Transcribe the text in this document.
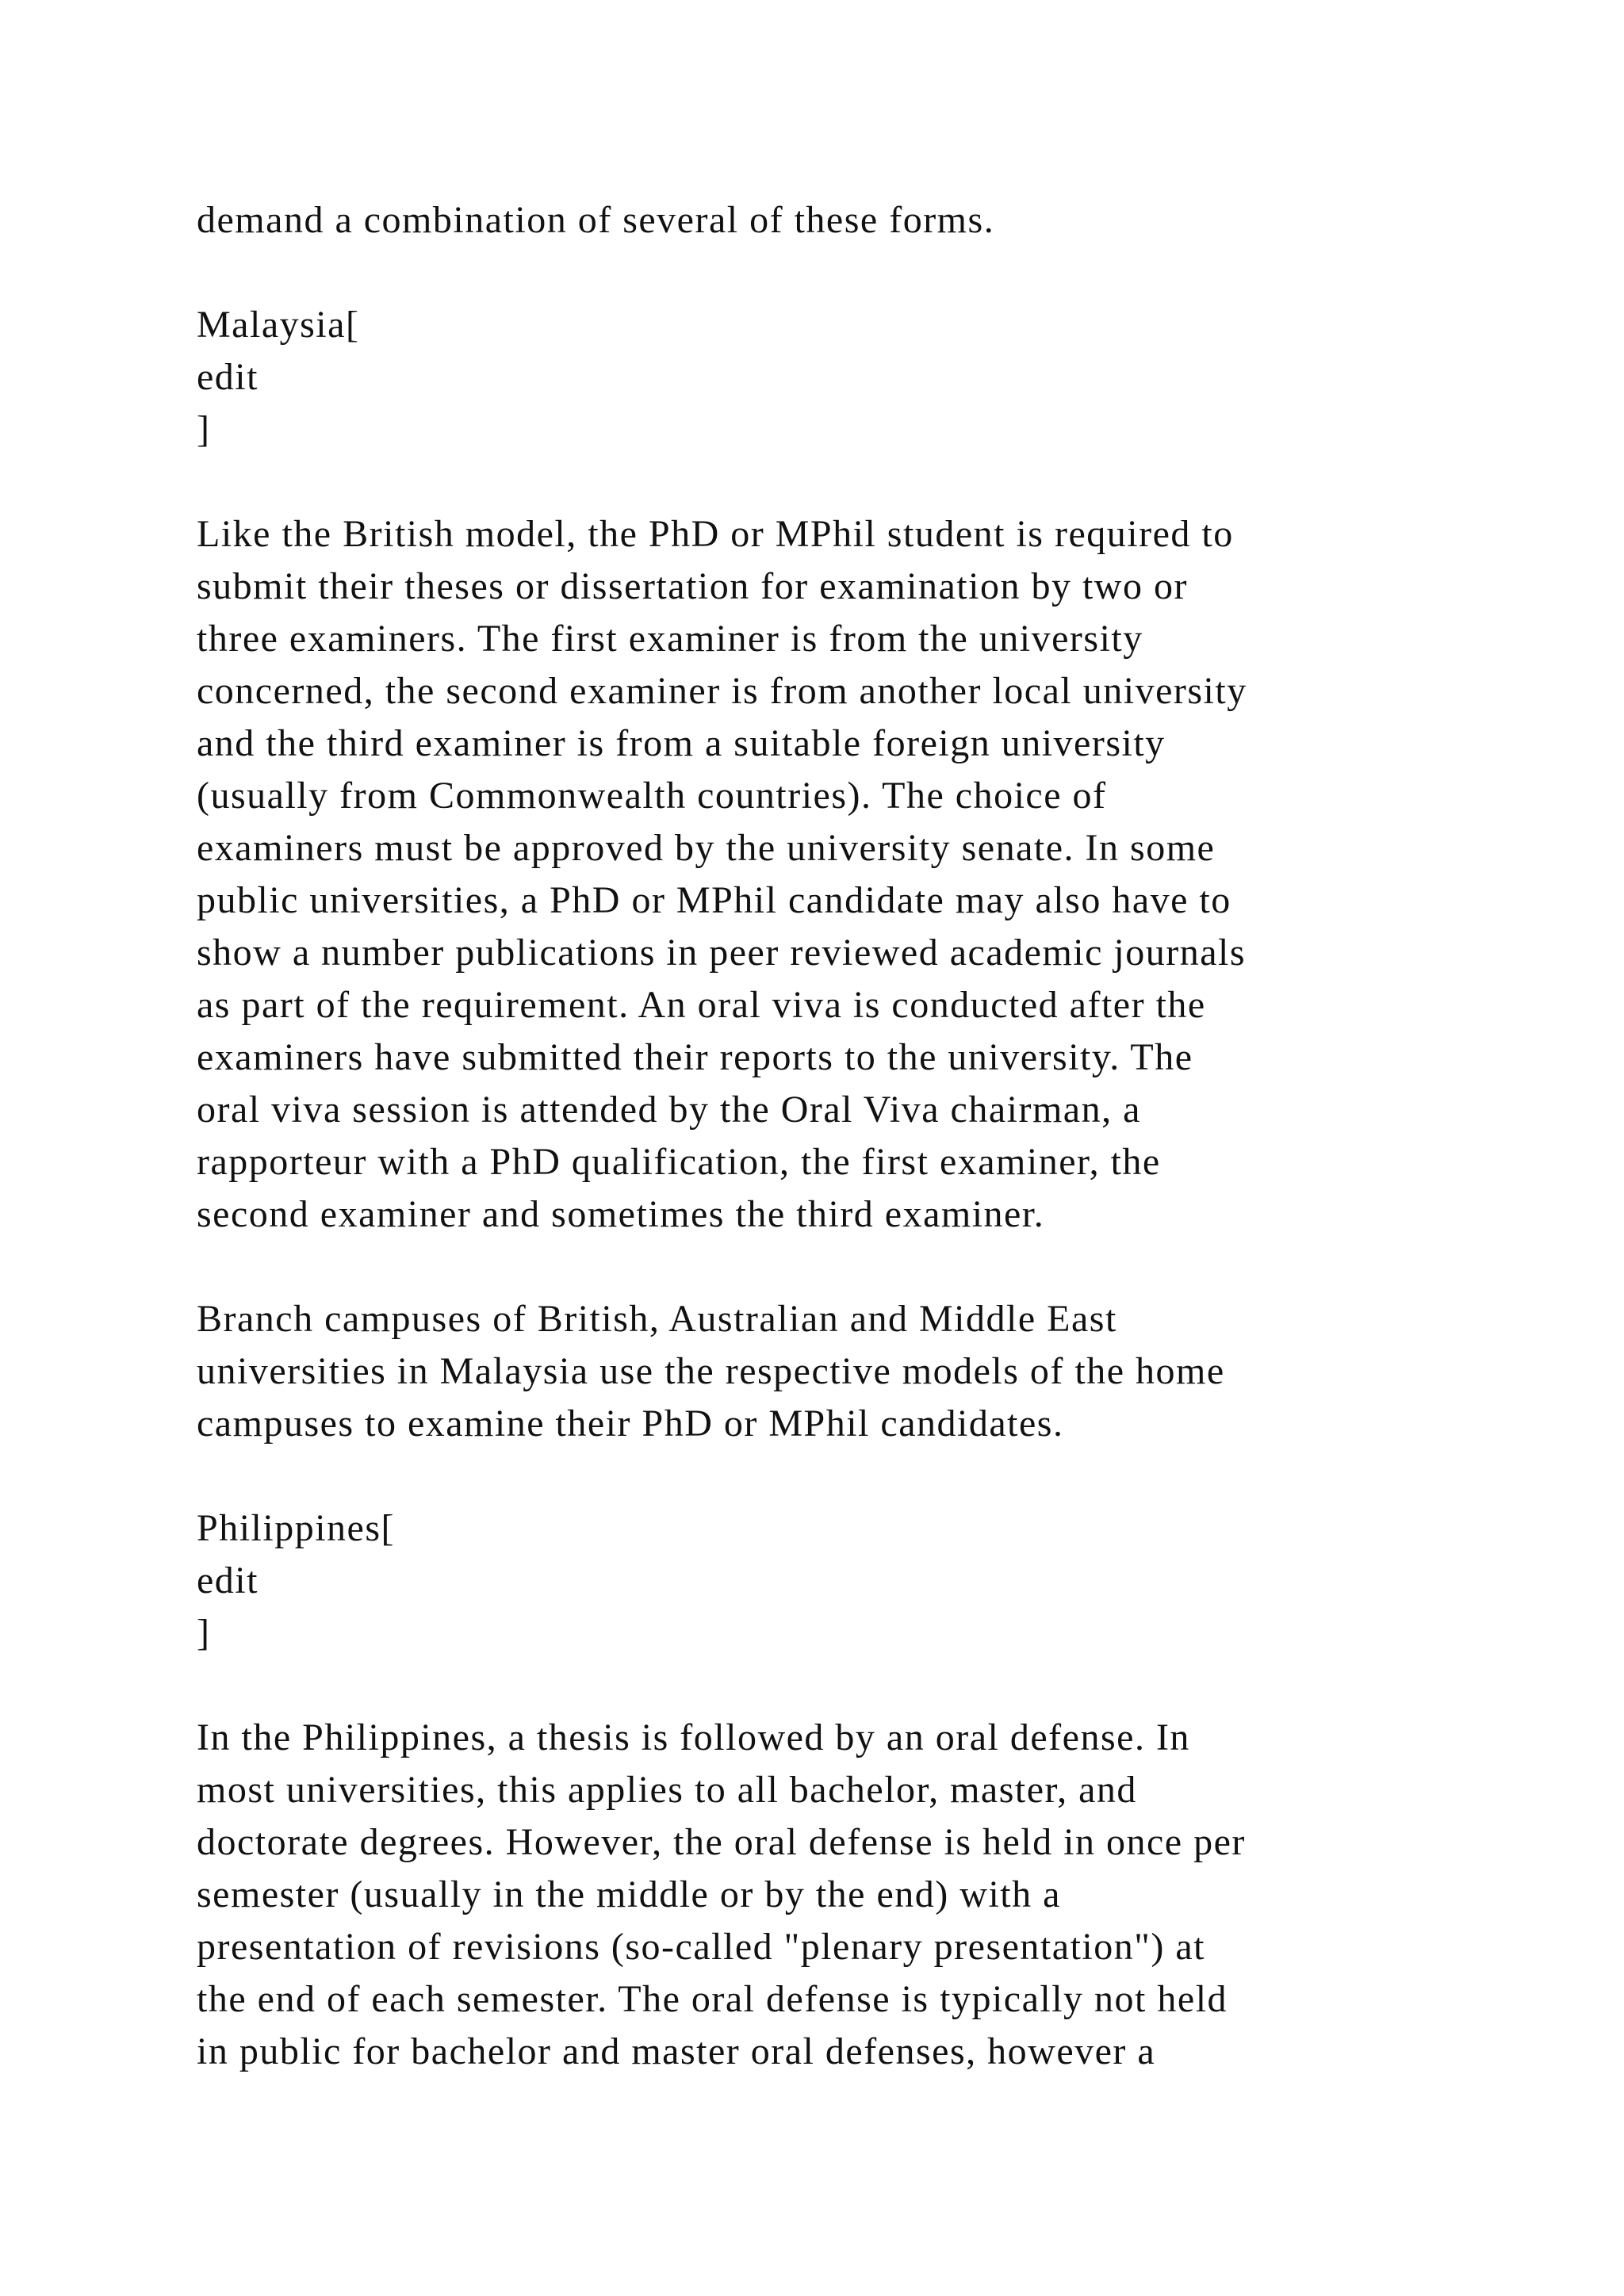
demand a combination of several of these forms.
Malaysia[
edit
]
Like the British model, the PhD or MPhil student is required to
submit their theses or dissertation for examination by two or
three examiners. The first examiner is from the university
concerned, the second examiner is from another local university
and the third examiner is from a suitable foreign university
(usually from Commonwealth countries). The choice of
examiners must be approved by the university senate. In some
public universities, a PhD or MPhil candidate may also have to
show a number publications in peer reviewed academic journals
as part of the requirement. An oral viva is conducted after the
examiners have submitted their reports to the university. The
oral viva session is attended by the Oral Viva chairman, a
rapporteur with a PhD qualification, the first examiner, the
second examiner and sometimes the third examiner.
Branch campuses of British, Australian and Middle East
universities in Malaysia use the respective models of the home
campuses to examine their PhD or MPhil candidates.
Philippines[
edit
]
In the Philippines, a thesis is followed by an oral defense. In
most universities, this applies to all bachelor, master, and
doctorate degrees. However, the oral defense is held in once per
semester (usually in the middle or by the end) with a
presentation of revisions (so-called "plenary presentation") at
the end of each semester. The oral defense is typically not held
in public for bachelor and master oral defenses, however a
